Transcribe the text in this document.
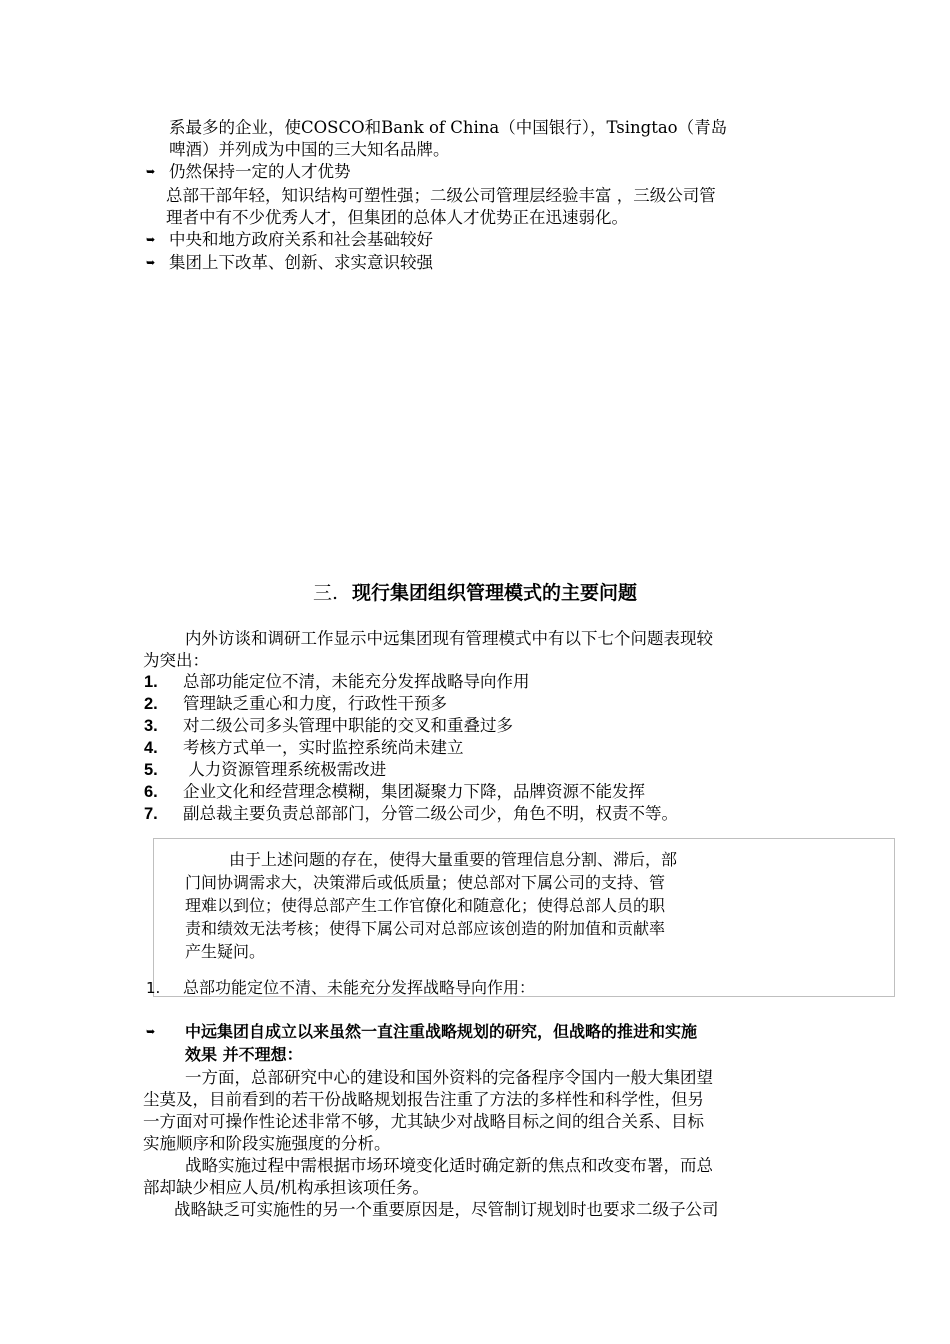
系最多的企业，使COSCO和Bank of China（中国银行），Tsingtao（青岛
啤酒）并列成为中国的三大知名品牌。
➥ 仍然保持一定的人才优势
总部干部年轻，知识结构可塑性强；二级公司管理层经验丰富 ，三级公司管
理者中有不少优秀人才，但集团的总体人才优势正在迅速弱化。
➥ 中央和地方政府关系和社会基础较好
➥ 集团上下改革、创新、求实意识较强
三. 现行集团组织管理模式的主要问题
内外访谈和调研工作显示中远集团现有管理模式中有以下七个问题表现较
为突出：
1. 总部功能定位不清，未能充分发挥战略导向作用
2. 管理缺乏重心和力度，行政性干预多
3. 对二级公司多头管理中职能的交叉和重叠过多
4. 考核方式单一，实时监控系统尚未建立
5. 人力资源管理系统极需改进
6. 企业文化和经营理念模糊，集团凝聚力下降，品牌资源不能发挥
7. 副总裁主要负责总部部门，分管二级公司少，角色不明，权责不等。
由于上述问题的存在，使得大量重要的管理信息分割、滞后，部
门间协调需求大，决策滞后或低质量；使总部对下属公司的支持、管
理难以到位；使得总部产生工作官僚化和随意化；使得总部人员的职
责和绩效无法考核；使得下属公司对总部应该创造的附加值和贡献率
产生疑问。
1. 总部功能定位不清、未能充分发挥战略导向作用：
➥ 中远集团自成立以来虽然一直注重战略规划的研究，但战略的推进和实施
效果 并不理想：
一方面，总部研究中心的建设和国外资料的完备程序令国内一般大集团望
尘莫及，目前看到的若干份战略规划报告注重了方法的多样性和科学性，但另
一方面对可操作性论述非常不够，尤其缺少对战略目标之间的组合关系、目标
实施顺序和阶段实施强度的分析。
战略实施过程中需根据市场环境变化适时确定新的焦点和改变布署，而总
部却缺少相应人员/机构承担该项任务。
战略缺乏可实施性的另一个重要原因是，尽管制订规划时也要求二级子公司
